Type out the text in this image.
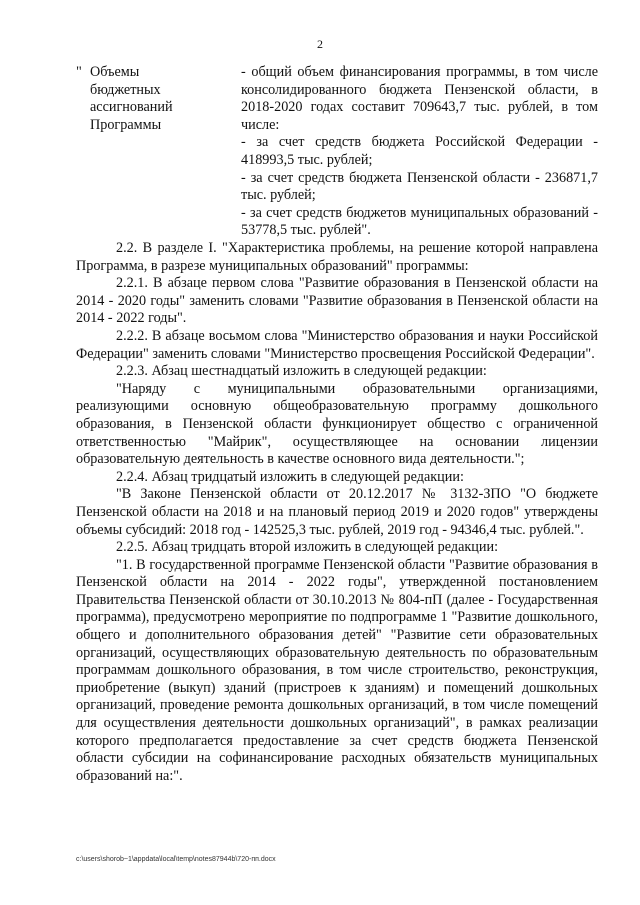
2
" Объемы
бюджетных
ассигнований
Программы

- общий объем финансирования программы, в том числе консолидированного бюджета Пензенской области, в 2018-2020 годах составит 709643,7 тыс. рублей, в том числе:

- за счет средств бюджета Российской Федерации - 418993,5 тыс. рублей;

- за счет средств бюджета Пензенской области - 236871,7 тыс. рублей;

- за счет средств бюджетов муниципальных образований - 53778,5 тыс. рублей".

2.2. В разделе I. "Характеристика проблемы, на решение которой направлена Программа, в разрезе муниципальных образований" программы:

2.2.1. В абзаце первом слова "Развитие образования в Пензенской области на 2014 - 2020 годы" заменить словами "Развитие образования в Пензенской области на 2014 - 2022 годы".

2.2.2. В абзаце восьмом слова "Министерство образования и науки Российской Федерации" заменить словами "Министерство просвещения Российской Федерации".

2.2.3. Абзац шестнадцатый изложить в следующей редакции:

"Наряду с муниципальными образовательными организациями, реализующими основную общеобразовательную программу дошкольного образования, в Пензенской области функционирует общество с ограниченной ответственностью "Майрик", осуществляющее на основании лицензии образовательную деятельность в качестве основного вида деятельности.";

2.2.4. Абзац тридцатый изложить в следующей редакции:

"В Законе Пензенской области от 20.12.2017 № 3132-ЗПО "О бюджете Пензенской области на 2018 и на плановый период 2019 и 2020 годов" утверждены объемы субсидий: 2018 год - 142525,3 тыс. рублей, 2019 год - 94346,4 тыс. рублей.".

2.2.5. Абзац тридцать второй изложить в следующей редакции:

"1. В государственной программе Пензенской области "Развитие образования в Пензенской области на 2014 - 2022 годы", утвержденной постановлением Правительства Пензенской области от 30.10.2013 № 804-пП (далее - Государственная программа), предусмотрено мероприятие по подпрограмме 1 "Развитие дошкольного, общего и дополнительного образования детей" "Развитие сети образовательных организаций, осуществляющих образовательную деятельность по образовательным программам дошкольного образования, в том числе строительство, реконструкция, приобретение (выкуп) зданий (пристроев к зданиям) и помещений дошкольных организаций, проведение ремонта дошкольных организаций, в том числе помещений для осуществления деятельности дошкольных организаций", в рамках реализации которого предполагается предоставление за счет средств бюджета Пензенской области субсидии на софинансирование расходных обязательств муниципальных образований на:".

c:\users\shorob~1\appdata\local\temp\notes87944b\720-пп.docx
